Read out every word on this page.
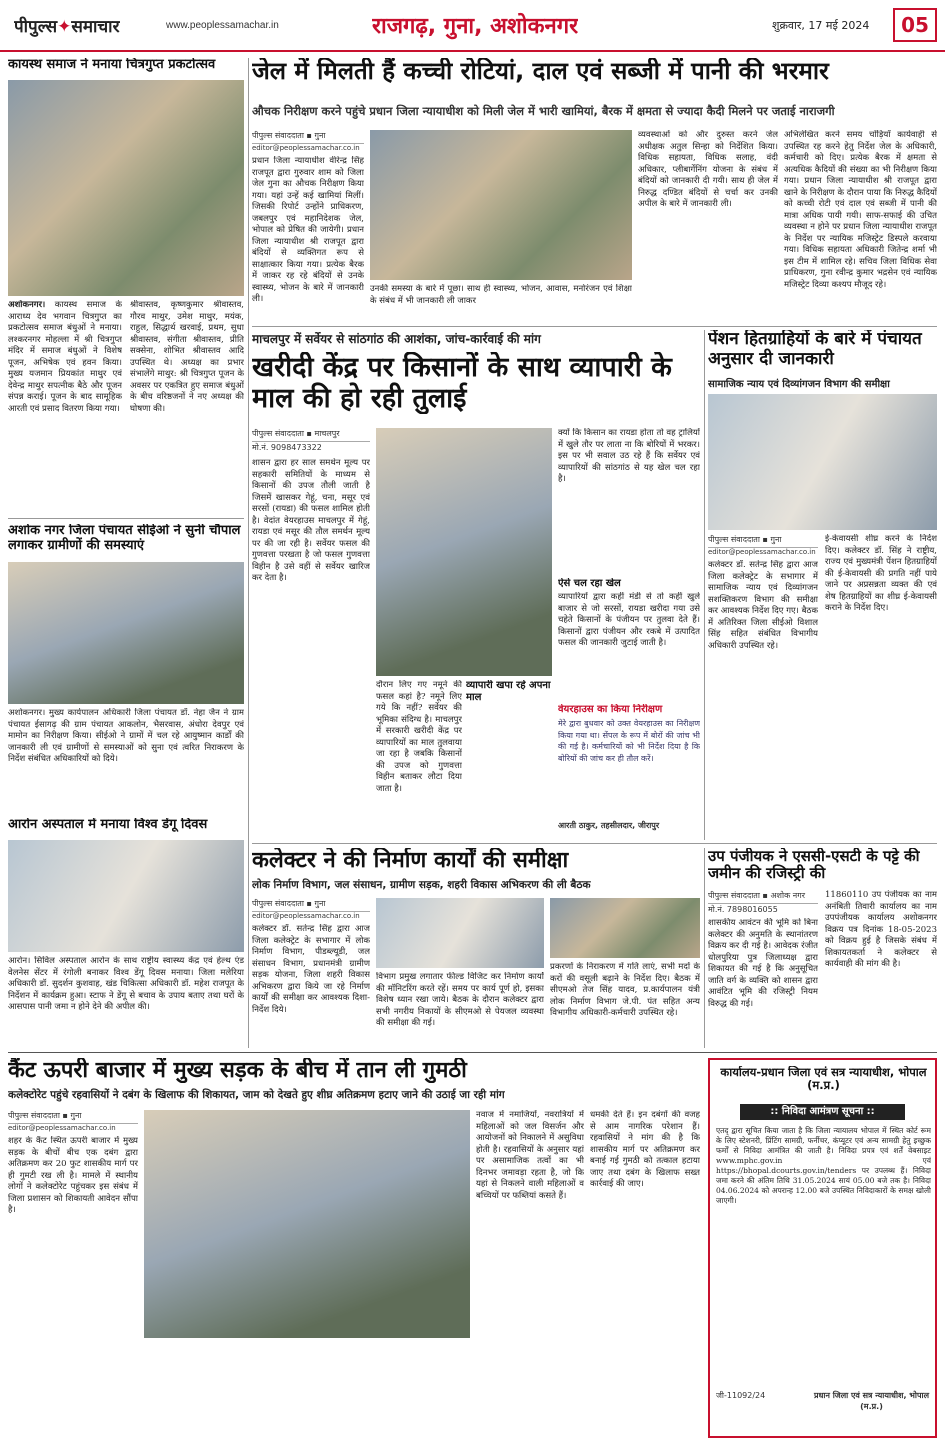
पीपुल्स✦समाचार	www.peoplessamachar.in	राजगढ़, गुना, अशोकनगर	शुक्रवार, 17 मई 2024	05
कायस्थ समाज ने मनाया चित्रगुप्त प्रकटोत्सव
अशोकनगर। कायस्थ समाज के आराध्य देव भगवान चित्रगुप्त का प्रकटोत्सव समाज बंधुओं ने मनाया। लश्करनगर मोहल्ला में श्री चित्रगुप्त मंदिर में समाज बंधुओं ने विशेष पूजन, अभिषेक एवं हवन किया। मुख्य यजमान प्रियकांत माथुर एवं देवेन्द्र माथुर सपत्नीक बैठे और पूजन संपन्न कराई। पूजन के बाद सामूहिक आरती एवं प्रसाद वितरण किया गया।
श्रीवास्तव, कृष्णकुमार श्रीवास्तव, गौरव माथुर, उमेश माथुर, मयंक, राहुल, सिद्धार्थ खरवाई, प्रथम, सुधा श्रीवास्तव, संगीता श्रीवास्तव, प्रीति सक्सेना, शोभित श्रीवास्तव आदि उपस्थित थे। अध्यक्ष का प्रभार संभालेंगे माथुर: श्री चित्रगुप्त पूजन के अवसर पर एकत्रित हुए समाज बंधुओं के बीच वरिष्ठजनों ने नए अध्यक्ष की घोषणा की।
अशोक नगर जिला पंचायत सीईओ ने सुनी चौपाल लगाकर ग्रामीणों की समस्याएं
अशोकनगर। मुख्य कार्यपालन अधिकारी जिला पंचायत डॉ. नेहा जैन ने ग्राम पंचायत ईसागढ़ की ग्राम पंचायत आकलोन, भैसरवास, अंधोरा देवपुर एवं मामोन का निरीक्षण किया। सीईओ ने ग्रामों में चल रहे आयुष्मान कार्डों की जानकारी ली एवं ग्रामीणों से समस्याओं को सुना एवं त्वरित निराकरण के निर्देश संबंधित अधिकारियों को दिये।
आरोन अस्पताल में मनाया विश्व डेंगू दिवस
आरोन। सिविल अस्पताल आरोन के साथ राष्ट्रीय स्वास्थ्य केंद्र एवं हेल्थ एंड वेलनेस सेंटर में रंगोली बनाकर विश्व डेंगू दिवस मनाया। जिला मलेरिया अधिकारी डॉ. सुदर्शन कुशवाह, खंड चिकित्सा अधिकारी डॉ. महेश राजपूत के निर्देशन में कार्यक्रम हुआ। स्टाफ ने डेंगू से बचाव के उपाय बताए तथा घरों के आसपास पानी जमा न होने देने की अपील की।
जेल में मिलती हैं कच्ची रोटियां, दाल एवं सब्जी में पानी की भरमार
औचक निरीक्षण करने पहुंचे प्रधान जिला न्यायाधीश को मिली जेल में भारी खामियां, बैरक में क्षमता से ज्यादा कैदी मिलने पर जताई नाराजगी
पीपुल्स संवाददाता ▪ गुना
editor@peoplessamachar.co.in
प्रधान जिला न्यायाधीश वीरेन्द्र सिंह राजपूत द्वारा गुरुवार शाम को जिला जेल गुना का औचक निरीक्षण किया गया। यहां उन्हें कई खामियां मिलीं। जिसकी रिपोर्ट उन्होंने प्राधिकरण, जबलपुर एवं महानिदेशक जेल, भोपाल को प्रेषित की जायेगी। प्रधान जिला न्यायाधीश श्री राजपूत द्वारा बंदियों से व्यक्तिगत रूप से साक्षात्कार किया गया। प्रत्येक बैरक में जाकर रह रहे बंदियों से उनके स्वास्थ्य, भोजन के बारे में जानकारी ली।
उनकी समस्या के बारे में पूछा। साथ ही स्वास्थ्य, भोजन, आवास, मनोरंजन एवं शिक्षा के संबंध में भी जानकारी ली जाकर
व्यवस्थाओं को और दुरुस्त करने जेल अधीक्षक अतुल सिन्हा को निर्देशित किया। विधिक सहायता, विधिक सलाह, वंदी अधिकार, प्लीबार्गेनिंग योजना के संबंध में बंदियों को जानकारी दी गयी। साथ ही जेल में निरुद्ध दण्डित बंदियों से चर्चा कर उनकी अपील के बारे में जानकारी ली।
अभिलेखित करने समय चोंड़ियाँ कार्यवाही से उपस्थित रह करने हेतु निर्देश जेल के अधिकारी, कर्मचारी को दिए। प्रत्येक बैरक में क्षमता से अत्यधिक कैदियों की संख्या का भी निरीक्षण किया गया। प्रधान जिला न्यायाधीश श्री राजपूत द्वारा खाने के निरीक्षण के दौरान पाया कि निरुद्ध कैदियों को कच्ची रोटी एवं दाल एवं सब्जी में पानी की मात्रा अधिक पायी गयी। साफ-सफाई की उचित व्यवस्था न होने पर प्रधान जिला न्यायाधीश राजपूत के निर्देश पर न्यायिक मजिस्ट्रेट डिस्पले करवाया गया। विधिक सहायता अधिकारी जितेन्द्र शर्मा भी इस टीम में शामिल रहे। सचिव जिला विधिक सेवा प्राधिकरण, गुना रवीन्द्र कुमार भद्रसेन एवं न्यायिक मजिस्ट्रेट दिव्या कश्यप मौजूद रहे।
माचलपुर में सर्वेयर से सांठगांठ की आशंका, जांच-कार्रवाई की मांग
खरीदी केंद्र पर किसानों के साथ व्यापारी के माल की हो रही तुलाई
पीपुल्स संवाददाता ▪ माचलपुर
मो.नं. 9098473322
शासन द्वारा हर साल समर्थन मूल्य पर सहकारी समितियों के माध्यम से किसानों की उपज तौली जाती है जिसमें खासकर गेहूं, चना, मसूर एवं सरसों (रायडा) की फसल शामिल होती है। वेदांत वेयरहाउस माचलपुर में गेहूं, रायडा एवं मसूर की तौल समर्थन मूल्य पर की जा रही है। सर्वेयर फसल की गुणवत्ता परखता है जो फसल गुणवत्ता विहीन है उसे वहीं से सर्वेयर खारिज कर देता है।
दौरान लिए गए नमूने की फसल कहां है? नमूने लिए गये कि नहीं? सर्वेयर की भूमिका संदिग्ध है। माचलपुर में सरकारी खरीदी केंद्र पर व्यापारियों का माल तुलवाया जा रहा है जबकि किसानों की उपज को गुणवत्ता विहीन बताकर लौटा दिया जाता है।
व्यापारी खपा रहे अपना माल
क्यों कि किसान का रायडा होता तो वह ट्रालियों में खुले तौर पर लाता ना कि बोरियों में भरकर। इस पर भी सवाल उठ रहे हैं कि सर्वेयर एवं व्यापारियों की सांठगांठ से यह खेल चल रहा है।
ऐसे चल रहा खेल
व्यापारियों द्वारा कहीं मंडी से तो कहीं खुले बाजार से जो सरसों, रायडा खरीदा गया उसे चहेते किसानों के पंजीयन पर तुलवा देते हैं। किसानों द्वारा पंजीयन और रकबे में उत्पादित फसल की जानकारी जुटाई जाती है।
वेयरहाउस का किया निरीक्षण
मेरे द्वारा बुधवार को उक्त वेयरहाउस का निरीक्षण किया गया था। सेंपल के रूप में बोरों की जांच भी की गई है। कर्मचारियों को भी निर्देश दिया है कि बोरियों की जांच कर ही तौल करें।
आरती ठाकुर, तहसीलदार, जीरापुर
पेंशन हितग्राहियों के बारे में पंचायत अनुसार दी जानकारी
सामाजिक न्याय एवं दिव्यांगजन विभाग की समीक्षा
पीपुल्स संवाददाता ▪ गुना
editor@peoplessamachar.co.in
कलेक्टर डॉ. सतेन्द्र सिंह द्वारा आज जिला कलेक्ट्रेट के सभागार में सामाजिक न्याय एवं दिव्यांगजन सशक्तिकरण विभाग की समीक्षा कर आवश्यक निर्देश दिए गए। बैठक में अतिरिक्त जिला सीईओ विशाल सिंह सहित संबंधित विभागीय अधिकारी उपस्थित रहे।
ई-केवायसी शीघ्र करने के निर्देश दिए। कलेक्टर डॉ. सिंह ने राष्ट्रीय, राज्य एवं मुख्यमंत्री पेंशन हितग्राहियों की ई-केवायसी की प्रगति नहीं पाये जाने पर अप्रसन्नता व्यक्त की एवं शेष हितग्राहियों का शीघ्र ई-केवायसी कराने के निर्देश दिए।
कलेक्टर ने की निर्माण कार्यों की समीक्षा
लोक निर्माण विभाग, जल संसाधन, ग्रामीण सड़क, शहरी विकास अभिकरण की ली बैठक
पीपुल्स संवाददाता ▪ गुना
editor@peoplessamachar.co.in
कलेक्टर डॉ. सतेन्द्र सिंह द्वारा आज जिला कलेक्ट्रेट के सभागार में लोक निर्माण विभाग, पीडब्ल्यूडी, जल संसाधन विभाग, प्रधानमंत्री ग्रामीण सड़क योजना, जिला शहरी विकास अभिकरण द्वारा किये जा रहे निर्माण कार्यों की समीक्षा कर आवश्यक दिशा-निर्देश दिये।
विभाग प्रमुख लगातार फील्ड विजिट कर निर्माण कार्यों की मॉनिटरिंग करते रहें। समय पर कार्य पूर्ण हो, इसका विशेष ध्यान रखा जाये। बैठक के दौरान कलेक्टर द्वारा सभी नगरीय निकायों के सीएमओ से पेयजल व्यवस्था की समीक्षा की गई।
प्रकरणों के निराकरण में गति लाएं, सभी मदों के करों की वसूली बढ़ाने के निर्देश दिए। बैठक में सीएमओ तेज सिंह यादव, प्र.कार्यपालन यंत्री लोक निर्माण विभाग जे.पी. पंत सहित अन्य विभागीय अधिकारी-कर्मचारी उपस्थित रहे।
उप पंजीयक ने एससी-एसटी के पट्टे की जमीन की रजिस्ट्री की
पीपुल्स संवाददाता ▪ अशोक नगर
मो.नं. 7898016055
शासकीय आवंटन की भूमि को बिना कलेक्टर की अनुमति के स्थानांतरण विक्रय कर दी गई है। आवेदक रंजीत धोलपुरिया पुत्र जिलाध्यक्ष द्वारा शिकायत की गई है कि अनुसूचित जाति वर्ग के व्यक्ति को शासन द्वारा आवंटित भूमि की रजिस्ट्री नियम विरुद्ध की गई।
11860110 उप पंजीयक का नाम अनंबिती तिवारी कार्यालय का नाम उपपंजीयक कार्यालय अशोकनगर विक्रय पत्र दिनांक 18-05-2023 को विक्रय हुई है जिसके संबंध में शिकायतकर्ता ने कलेक्टर से कार्यवाही की मांग की है।
कैंट ऊपरी बाजार में मुख्य सड़क के बीच में तान ली गुमठी
कलेक्टोरेट पहुंचे रहवासियों ने दबंग के खिलाफ की शिकायत, जाम को देखते हुए शीघ्र अतिक्रमण हटाए जाने की उठाई जा रही मांग
पीपुल्स संवाददाता ▪ गुना
editor@peoplessamachar.co.in
शहर के कैंट स्थित ऊपरी बाजार में मुख्य सड़क के बीचों बीच एक दबंग द्वारा अतिक्रमण कर 20 फुट शासकीय मार्ग पर ही गुमटी रख ली है। मामले में स्थानीय लोगों ने कलेक्टोरेट पहुंचकर इस संबंध में जिला प्रशासन को शिकायती आवेदन सौंपा है।
नवाज में नमाजियों, नवरात्रियों में महिलाओं को जल विसर्जन और आयोजनों को निकालने में असुविधा होती है। रहवासियों के अनुसार यहां पर असामाजिक तत्वों का भी दिनभर जमावड़ा रहता है, जो कि यहां से निकलने वाली महिलाओं व बच्चियों पर फब्तियां कसते हैं।
धमकी देते हैं। इन दबंगों की वजह से आम नागरिक परेशान हैं। रहवासियों ने मांग की है कि शासकीय मार्ग पर अतिक्रमण कर बनाई गई गुमठी को तत्काल हटाया जाए तथा दबंग के खिलाफ सख्त कार्रवाई की जाए।
कार्यालय-प्रधान जिला एवं सत्र न्यायाधीश, भोपाल (म.प्र.)
:: निविदा आमंत्रण सूचना ::
एतद् द्वारा सूचित किया जाता है कि जिला न्यायालय भोपाल में स्थित कोर्ट रूम के लिए स्टेशनरी, प्रिंटिंग सामग्री, फर्नीचर, कंप्यूटर एवं अन्य सामग्री हेतु इच्छुक फर्मों से निविदा आमंत्रित की जाती है। निविदा प्रपत्र एवं शर्तें वेबसाइट www.mphc.gov.in एवं https://bhopal.dcourts.gov.in/tenders पर उपलब्ध हैं। निविदा जमा करने की अंतिम तिथि 31.05.2024 सायं 05.00 बजे तक है। निविदा 04.06.2024 को अपरान्ह 12.00 बजे उपस्थित निविदाकारों के समक्ष खोली जाएगी।
जी-11092/24	प्रधान जिला एवं सत्र न्यायाधीश, भोपाल (म.प्र.)
